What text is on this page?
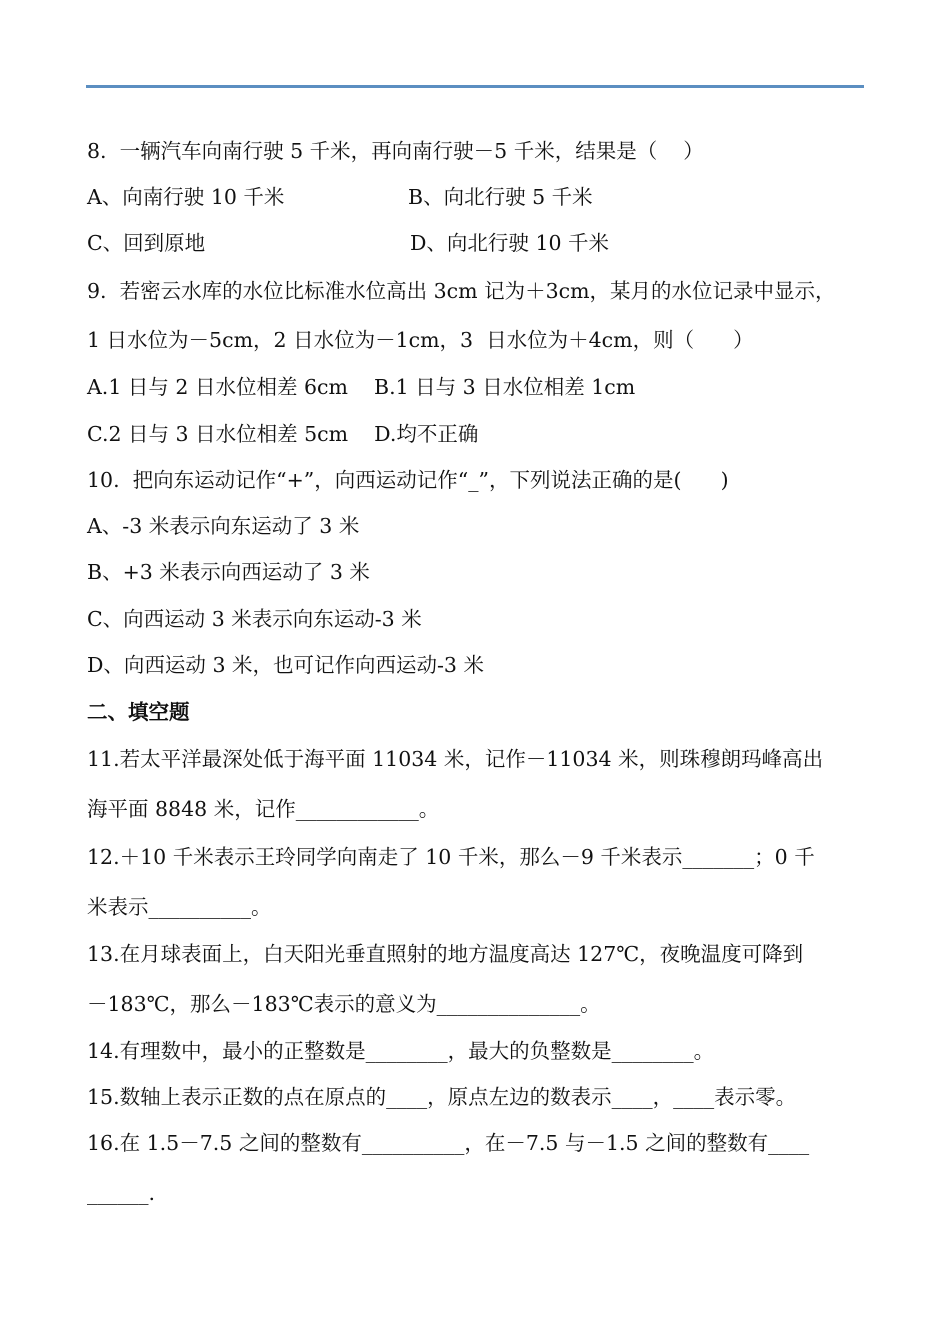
8.  一辆汽车向南行驶 5 千米，再向南行驶－5 千米，结果是（    ）
A、向南行驶 10 千米	B、向北行驶 5 千米
C、回到原地	D、向北行驶 10 千米
9.  若密云水库的水位比标准水位高出 3cm 记为＋3cm，某月的水位记录中显示，
1 日水位为－5cm，2 日水位为－1cm，3  日水位为＋4cm，则（      ）
A.1 日与 2 日水位相差 6cm    B.1 日与 3 日水位相差 1cm
C.2 日与 3 日水位相差 5cm    D.均不正确
10.  把向东运动记作“+”，向西运动记作“_”，下列说法正确的是(      )
A、-3 米表示向东运动了 3 米
B、+3 米表示向西运动了 3 米
C、向西运动 3 米表示向东运动-3 米
D、向西运动 3 米，也可记作向西运动-3 米
二、填空题
11.若太平洋最深处低于海平面 11034 米，记作－11034 米，则珠穆朗玛峰高出
海平面 8848 米，记作____________。
12.＋10 千米表示王玲同学向南走了 10 千米，那么－9 千米表示_______；0 千
米表示__________。
13.在月球表面上，白天阳光垂直照射的地方温度高达 127℃，夜晚温度可降到
－183℃，那么－183℃表示的意义为______________。
14.有理数中，最小的正整数是________，最大的负整数是________。
15.数轴上表示正数的点在原点的____，原点左边的数表示____，____表示零。
16.在 1.5－7.5 之间的整数有__________，在－7.5 与－1.5 之间的整数有____
______.
